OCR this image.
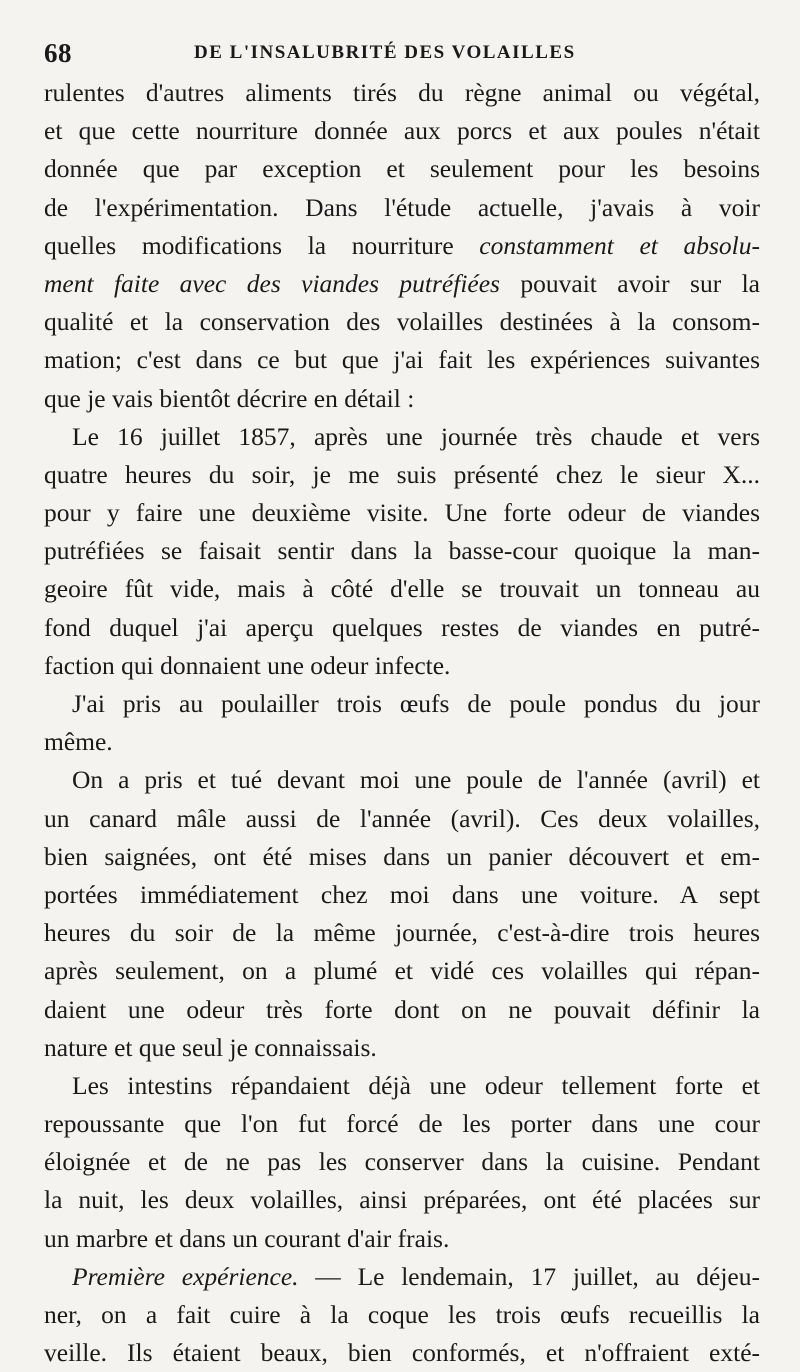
68	DE L'INSALUBRITÉ DES VOLAILLES
rulentes d'autres aliments tirés du règne animal ou végétal,
et que cette nourriture donnée aux porcs et aux poules n'était
donnée que par exception et seulement pour les besoins
de l'expérimentation. Dans l'étude actuelle, j'avais à voir
quelles modifications la nourriture constamment et absolu-
ment faite avec des viandes putréfiées pouvait avoir sur la
qualité et la conservation des volailles destinées à la consom-
mation; c'est dans ce but que j'ai fait les expériences suivantes
que je vais bientôt décrire en détail :
Le 16 juillet 1857, après une journée très chaude et vers
quatre heures du soir, je me suis présenté chez le sieur X...
pour y faire une deuxième visite. Une forte odeur de viandes
putréfiées se faisait sentir dans la basse-cour quoique la man-
geoire fût vide, mais à côté d'elle se trouvait un tonneau au
fond duquel j'ai aperçu quelques restes de viandes en putré-
faction qui donnaient une odeur infecte.
J'ai pris au poulailler trois œufs de poule pondus du jour
même.
On a pris et tué devant moi une poule de l'année (avril) et
un canard mâle aussi de l'année (avril). Ces deux volailles,
bien saignées, ont été mises dans un panier découvert et em-
portées immédiatement chez moi dans une voiture. A sept
heures du soir de la même journée, c'est-à-dire trois heures
après seulement, on a plumé et vidé ces volailles qui répan-
daient une odeur très forte dont on ne pouvait définir la
nature et que seul je connaissais.
Les intestins répandaient déjà une odeur tellement forte et
repoussante que l'on fut forcé de les porter dans une cour
éloignée et de ne pas les conserver dans la cuisine. Pendant
la nuit, les deux volailles, ainsi préparées, ont été placées sur
un marbre et dans un courant d'air frais.
Première expérience. — Le lendemain, 17 juillet, au déjeu-
ner, on a fait cuire à la coque les trois œufs recueillis la
veille. Ils étaient beaux, bien conformés, et n'offraient exté-
